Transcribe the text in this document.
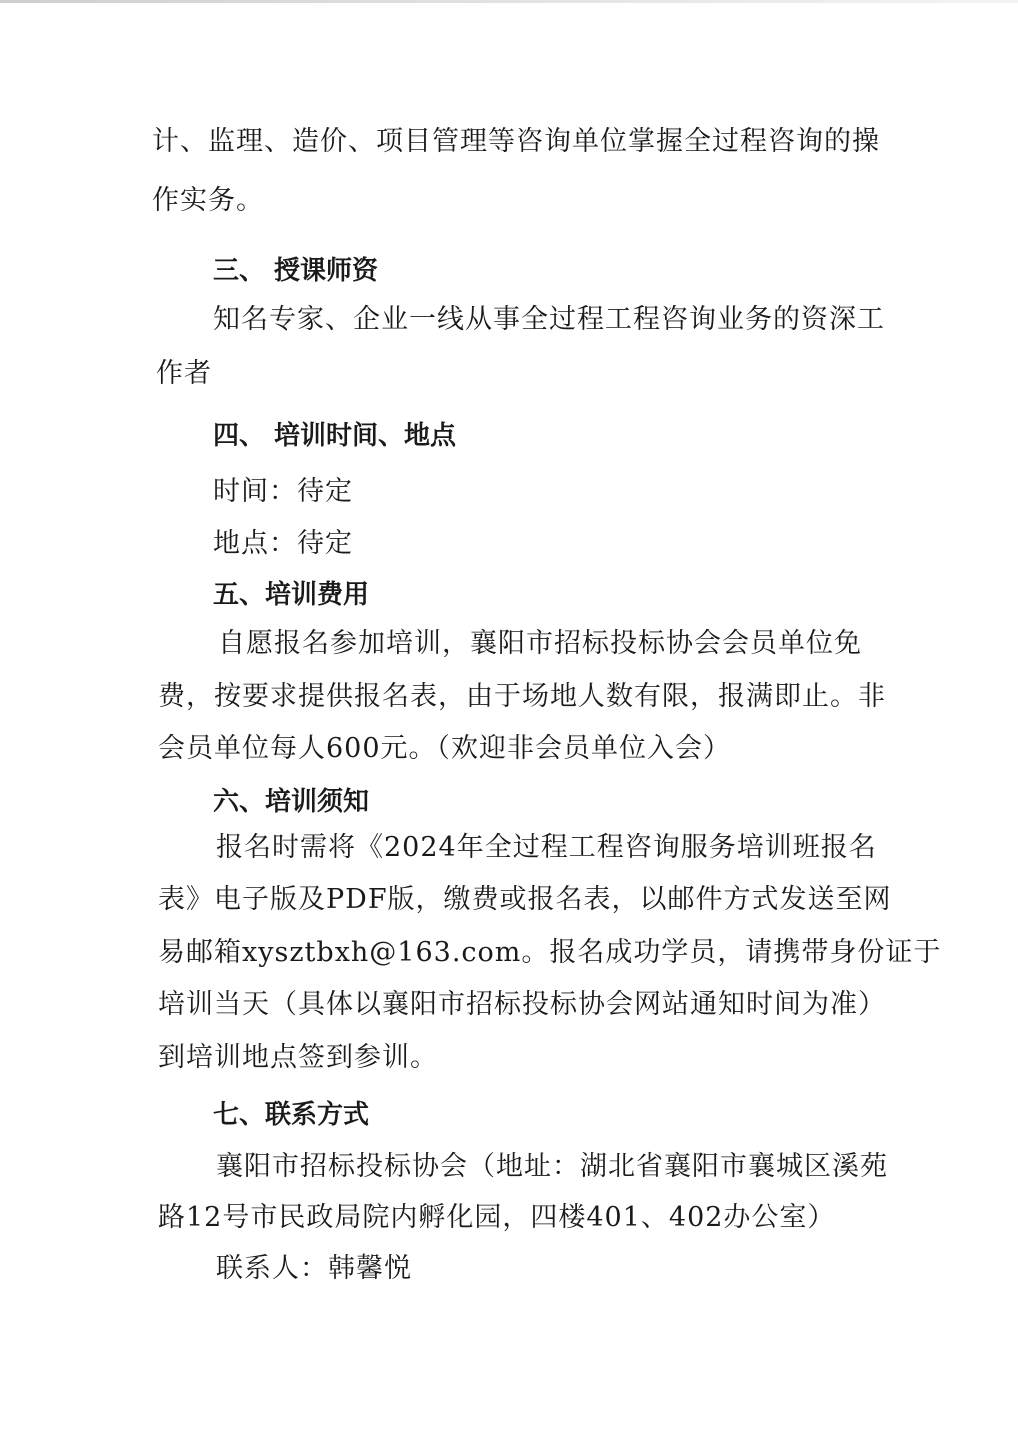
计、监理、造价、项目管理等咨询单位掌握全过程咨询的操
作实务。
三、 授课师资
知名专家、企业一线从事全过程工程咨询业务的资深工
作者
四、 培训时间、地点
时间：待定
地点：待定
五、培训费用
自愿报名参加培训，襄阳市招标投标协会会员单位免
费，按要求提供报名表，由于场地人数有限，报满即止。非
会员单位每人600元。（欢迎非会员单位入会）
六、培训须知
报名时需将《2024年全过程工程咨询服务培训班报名
表》电子版及PDF版，缴费或报名表，以邮件方式发送至网
易邮箱xysztbxh@163.com。报名成功学员，请携带身份证于
培训当天（具体以襄阳市招标投标协会网站通知时间为准）
到培训地点签到参训。
七、联系方式
襄阳市招标投标协会（地址：湖北省襄阳市襄城区溪苑
路12号市民政局院内孵化园，四楼401、402办公室）
联系人：韩馨悦
